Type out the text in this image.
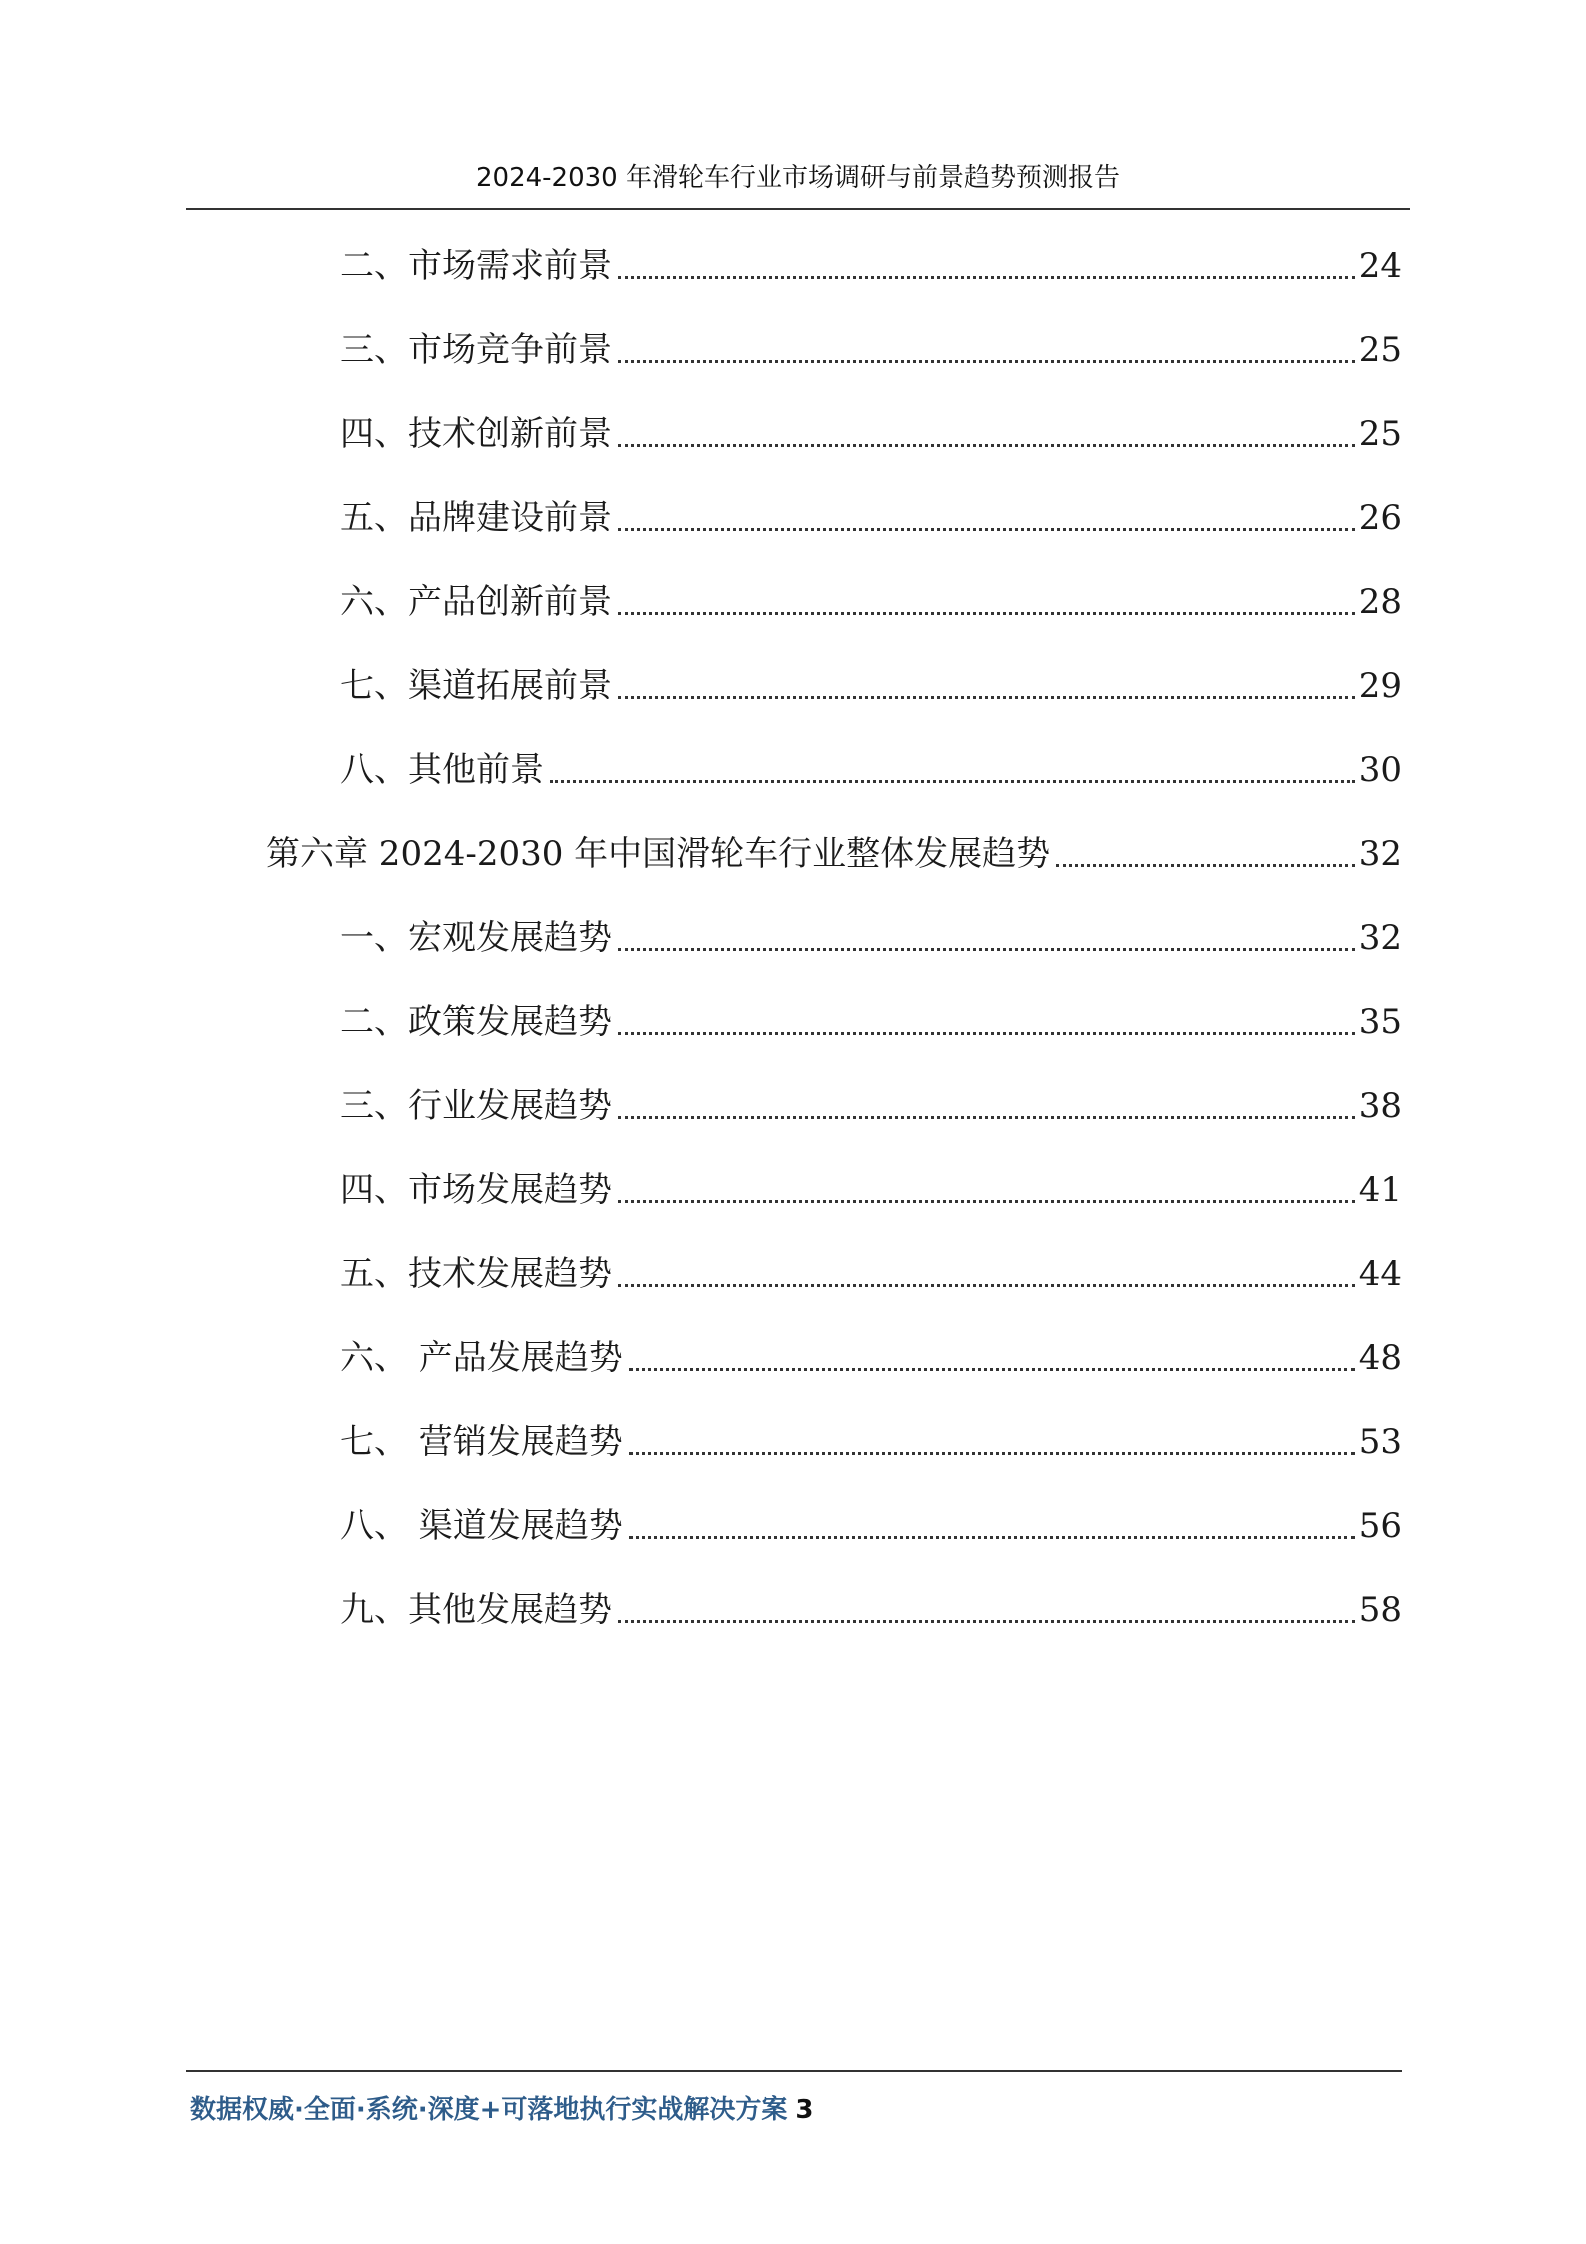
2024-2030 年滑轮车行业市场调研与前景趋势预测报告
二、市场需求前景	24
三、市场竞争前景	25
四、技术创新前景	25
五、品牌建设前景	26
六、产品创新前景	28
七、渠道拓展前景	29
八、其他前景	30
第六章 2024-2030 年中国滑轮车行业整体发展趋势	32
一、宏观发展趋势	32
二、政策发展趋势	35
三、行业发展趋势	38
四、市场发展趋势	41
五、技术发展趋势	44
六、 产品发展趋势	48
七、 营销发展趋势	53
八、 渠道发展趋势	56
九、其他发展趋势	58
数据权威·全面·系统·深度+可落地执行实战解决方案 3
